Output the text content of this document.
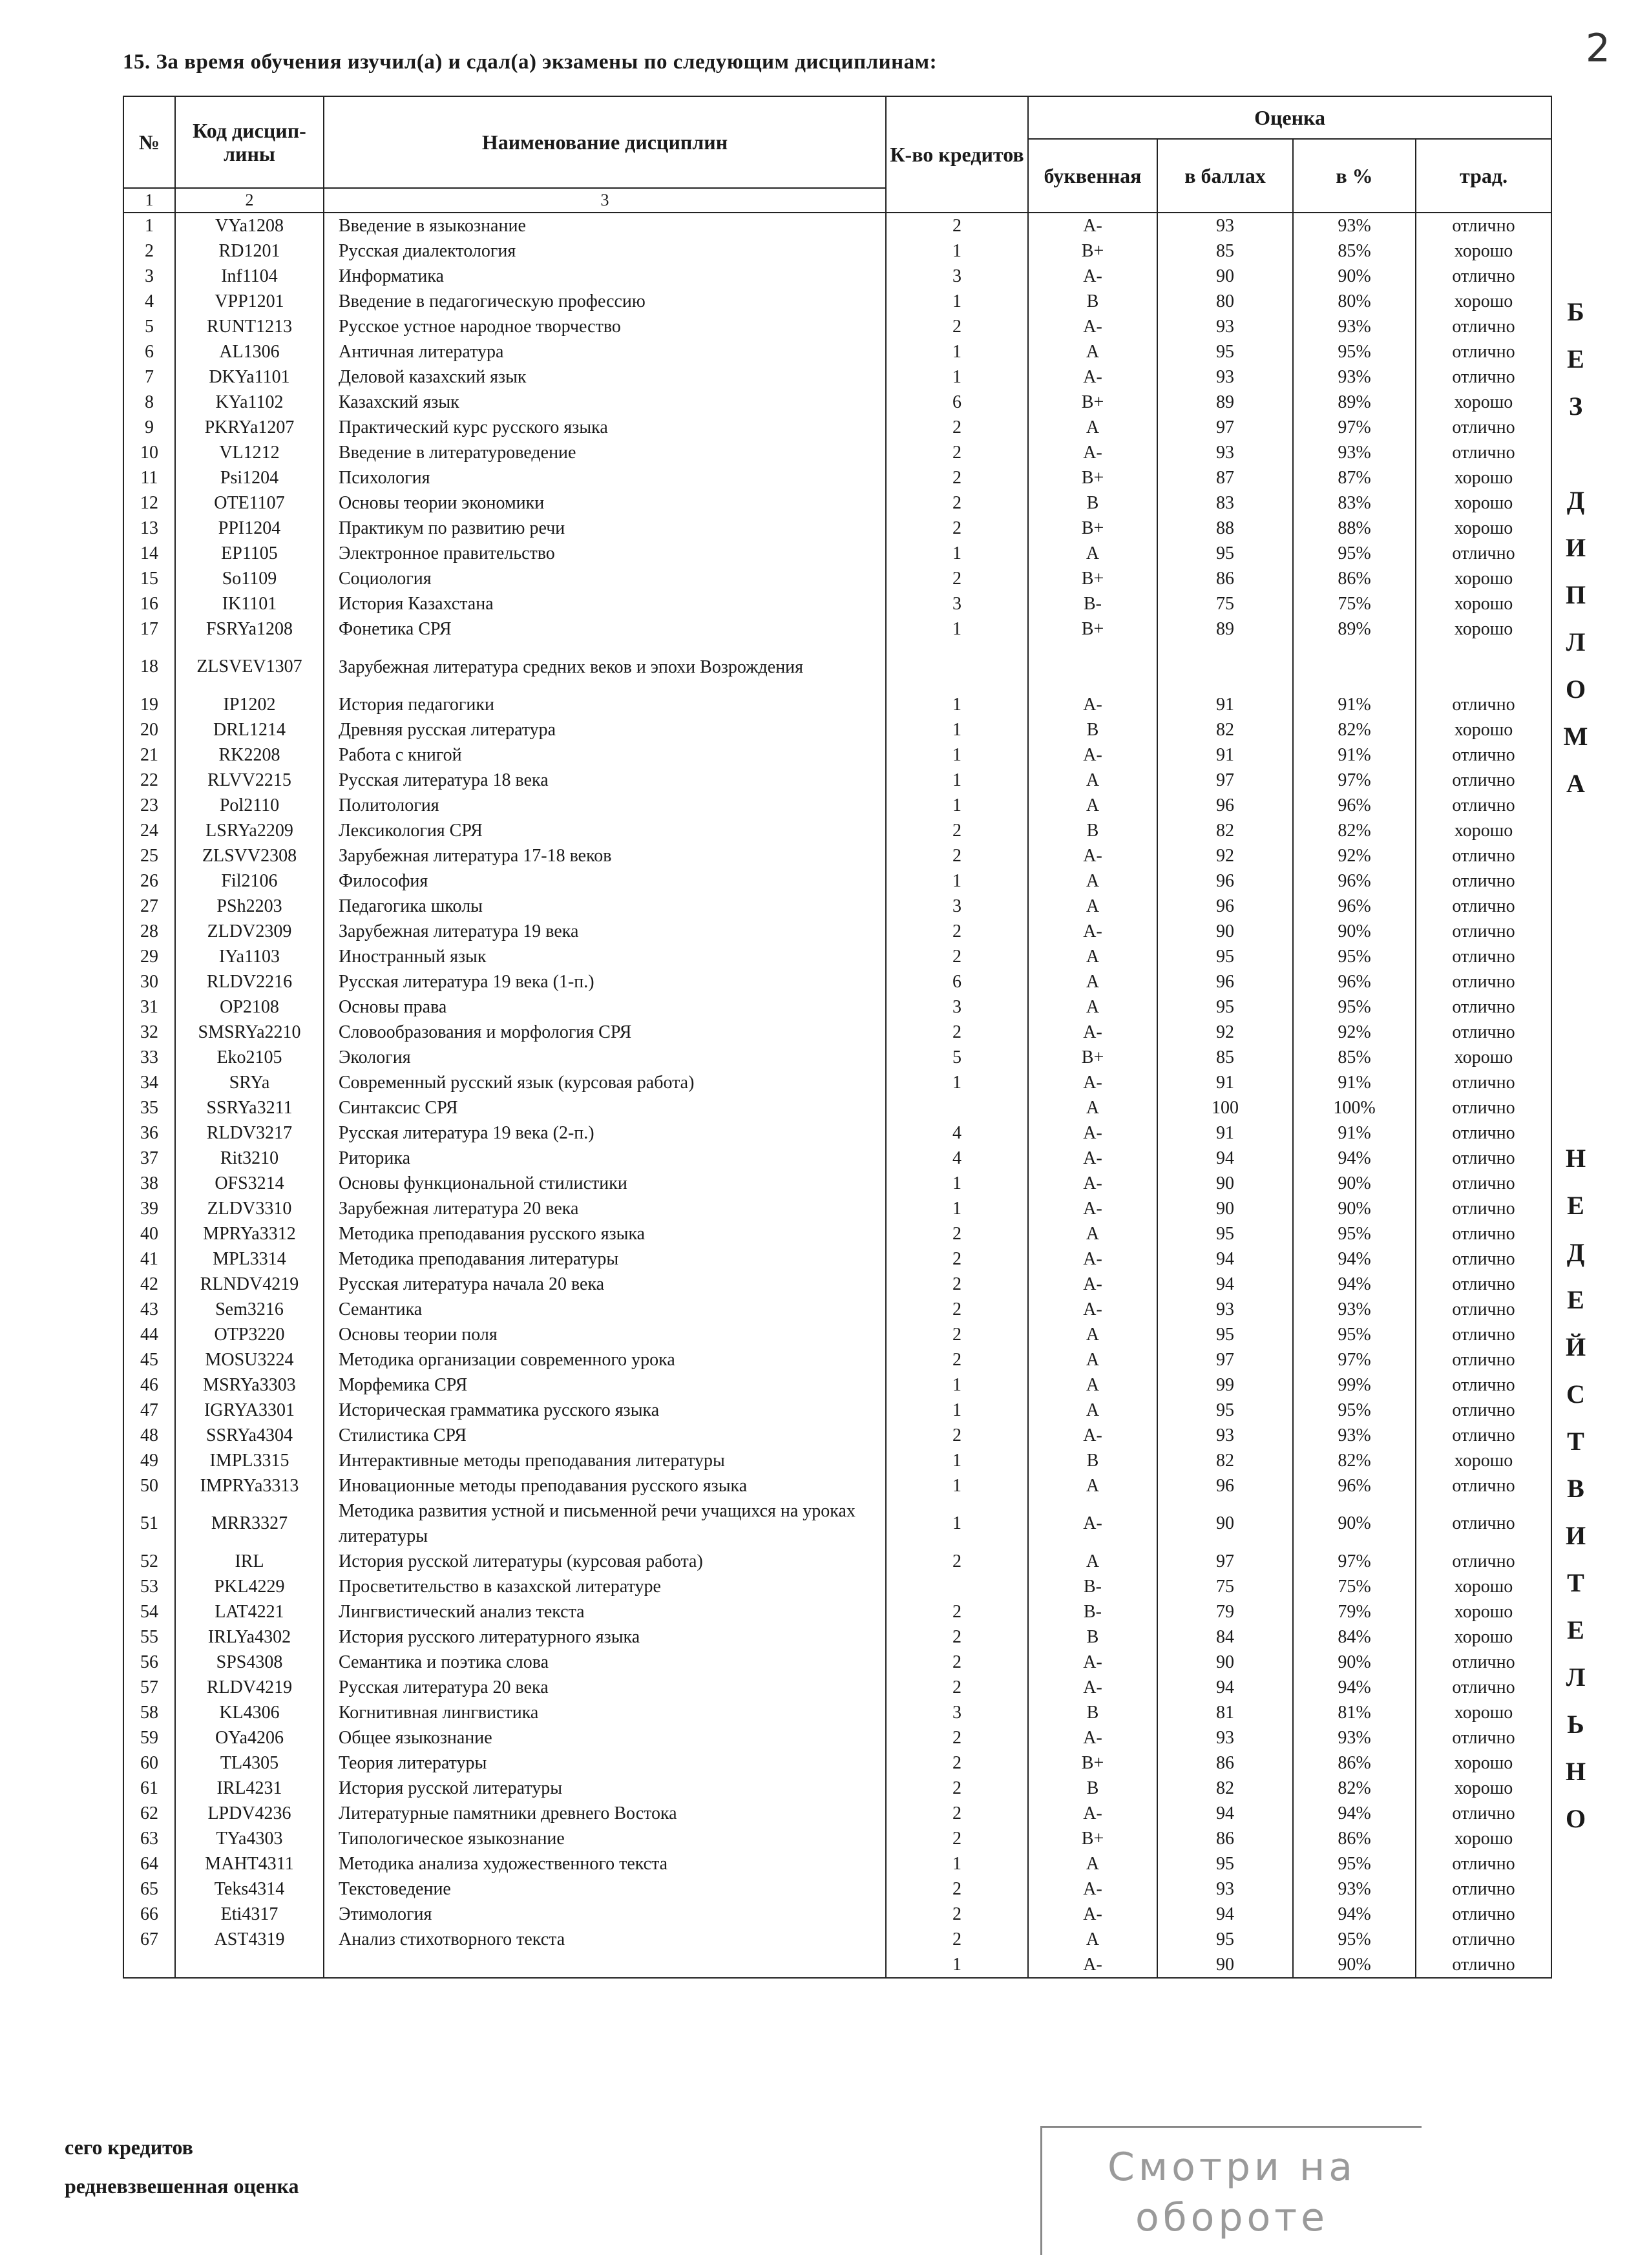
15. За время обучения изучил(а) и сдал(а) экзамены по следующим дисциплинам:	2
№	Код дисцип-лины	Наименование дисциплин	К-во кредитов	Оценка			
				буквенная	в баллах	в %	трад.
1	2	3					
1	VYa1208	Введение в языкознание	2	A-	93	93%	отлично
2	RD1201	Русская диалектология	1	B+	85	85%	хорошо
3	Inf1104	Информатика	3	A-	90	90%	отлично
4	VPP1201	Введение в педагогическую профессию	1	B	80	80%	хорошо
5	RUNT1213	Русское устное народное творчество	2	A-	93	93%	отлично
6	AL1306	Античная литература	1	A	95	95%	отлично
7	DKYa1101	Деловой казахский язык	1	A-	93	93%	отлично
8	KYa1102	Казахский язык	6	B+	89	89%	хорошо
9	PKRYa1207	Практический курс русского языка	2	A	97	97%	отлично
10	VL1212	Введение в литературоведение	2	A-	93	93%	отлично
11	Psi1204	Психология	2	B+	87	87%	хорошо
12	OTE1107	Основы теории экономики	2	B	83	83%	хорошо
13	PPI1204	Практикум по развитию речи	2	B+	88	88%	хорошо
14	EP1105	Электронное правительство	1	A	95	95%	отлично
15	So1109	Социология	2	B+	86	86%	хорошо
16	IK1101	История Казахстана	3	B-	75	75%	хорошо
17	FSRYa1208	Фонетика СРЯ	1	B+	89	89%	хорошо
18	ZLSVEV1307	Зарубежная литература средних веков и эпохи Возрождения					
19	IP1202	История педагогики	1	A-	91	91%	отлично
20	DRL1214	Древняя русская литература	1	B	82	82%	хорошо
21	RK2208	Работа с книгой	1	A-	91	91%	отлично
22	RLVV2215	Русская литература 18 века	1	A	97	97%	отлично
23	Pol2110	Политология	1	A	96	96%	отлично
24	LSRYa2209	Лексикология СРЯ	2	B	82	82%	хорошо
25	ZLSVV2308	Зарубежная литература 17-18 веков	2	A-	92	92%	отлично
26	Fil2106	Философия	1	A	96	96%	отлично
27	PSh2203	Педагогика школы	3	A	96	96%	отлично
28	ZLDV2309	Зарубежная литература 19 века	2	A-	90	90%	отлично
29	IYa1103	Иностранный язык	2	A	95	95%	отлично
30	RLDV2216	Русская литература 19 века (1-п.)	6	A	96	96%	отлично
31	OP2108	Основы права	3	A	95	95%	отлично
32	SMSRYa2210	Словообразования и морфология СРЯ	2	A-	92	92%	отлично
33	Eko2105	Экология	5	B+	85	85%	хорошо
34	SRYa	Современный русский язык (курсовая работа)	1	A-	91	91%	отлично
35	SSRYa3211	Синтаксис СРЯ		A	100	100%	отлично
36	RLDV3217	Русская литература 19 века (2-п.)	4	A-	91	91%	отлично
37	Rit3210	Риторика	4	A-	94	94%	отлично
38	OFS3214	Основы функциональной стилистики	1	A-	90	90%	отлично
39	ZLDV3310	Зарубежная литература 20 века	1	A-	90	90%	отлично
40	MPRYa3312	Методика преподавания русского языка	2	A	95	95%	отлично
41	MPL3314	Методика преподавания литературы	2	A-	94	94%	отлично
42	RLNDV4219	Русская литература начала 20 века	2	A-	94	94%	отлично
43	Sem3216	Семантика	2	A-	93	93%	отлично
44	OTP3220	Основы теории поля	2	A	95	95%	отлично
45	MOSU3224	Методика организации современного урока	2	A	97	97%	отлично
46	MSRYa3303	Морфемика СРЯ	1	A	99	99%	отлично
47	IGRYA3301	Историческая грамматика русского языка	1	A	95	95%	отлично
48	SSRYa4304	Стилистика СРЯ	2	A-	93	93%	отлично
49	IMPL3315	Интерактивные методы преподавания литературы	1	B	82	82%	хорошо
50	IMPRYa3313	Иновационные методы преподавания русского языка	1	A	96	96%	отлично
51	MRR3327	Методика развития устной и письменной речи учащихся на уроках литературы	1	A-	90	90%	отлично
52	IRL	История русской литературы (курсовая работа)	2	A	97	97%	отлично
53	PKL4229	Просветительство в казахской литературе		B-	75	75%	хорошо
54	LAT4221	Лингвистический анализ текста	2	B-	79	79%	хорошо
55	IRLYa4302	История русского литературного языка	2	B	84	84%	хорошо
56	SPS4308	Семантика и поэтика слова	2	A-	90	90%	отлично
57	RLDV4219	Русская литература 20 века	2	A-	94	94%	отлично
58	KL4306	Когнитивная лингвистика	3	B	81	81%	хорошо
59	OYa4206	Общее языкознание	2	A-	93	93%	отлично
60	TL4305	Теория литературы	2	B+	86	86%	хорошо
61	IRL4231	История русской литературы	2	B	82	82%	хорошо
62	LPDV4236	Литературные памятники древнего Востока	2	A-	94	94%	отлично
63	TYa4303	Типологическое языкознание	2	B+	86	86%	хорошо
64	MAHT4311	Методика анализа художественного текста	1	A	95	95%	отлично
65	Teks4314	Текстоведение	2	A-	93	93%	отлично
66	Eti4317	Этимология	2	A-	94	94%	отлично
67	AST4319	Анализ стихотворного текста	2	A	95	95%	отлично
			1	A-	90	90%	отлично
БЕЗ ДИПЛОМА
НЕДЕЙСТВИТЕЛЬНО
сего кредитов
редневзвешенная оценка	Смотри на
обороте
